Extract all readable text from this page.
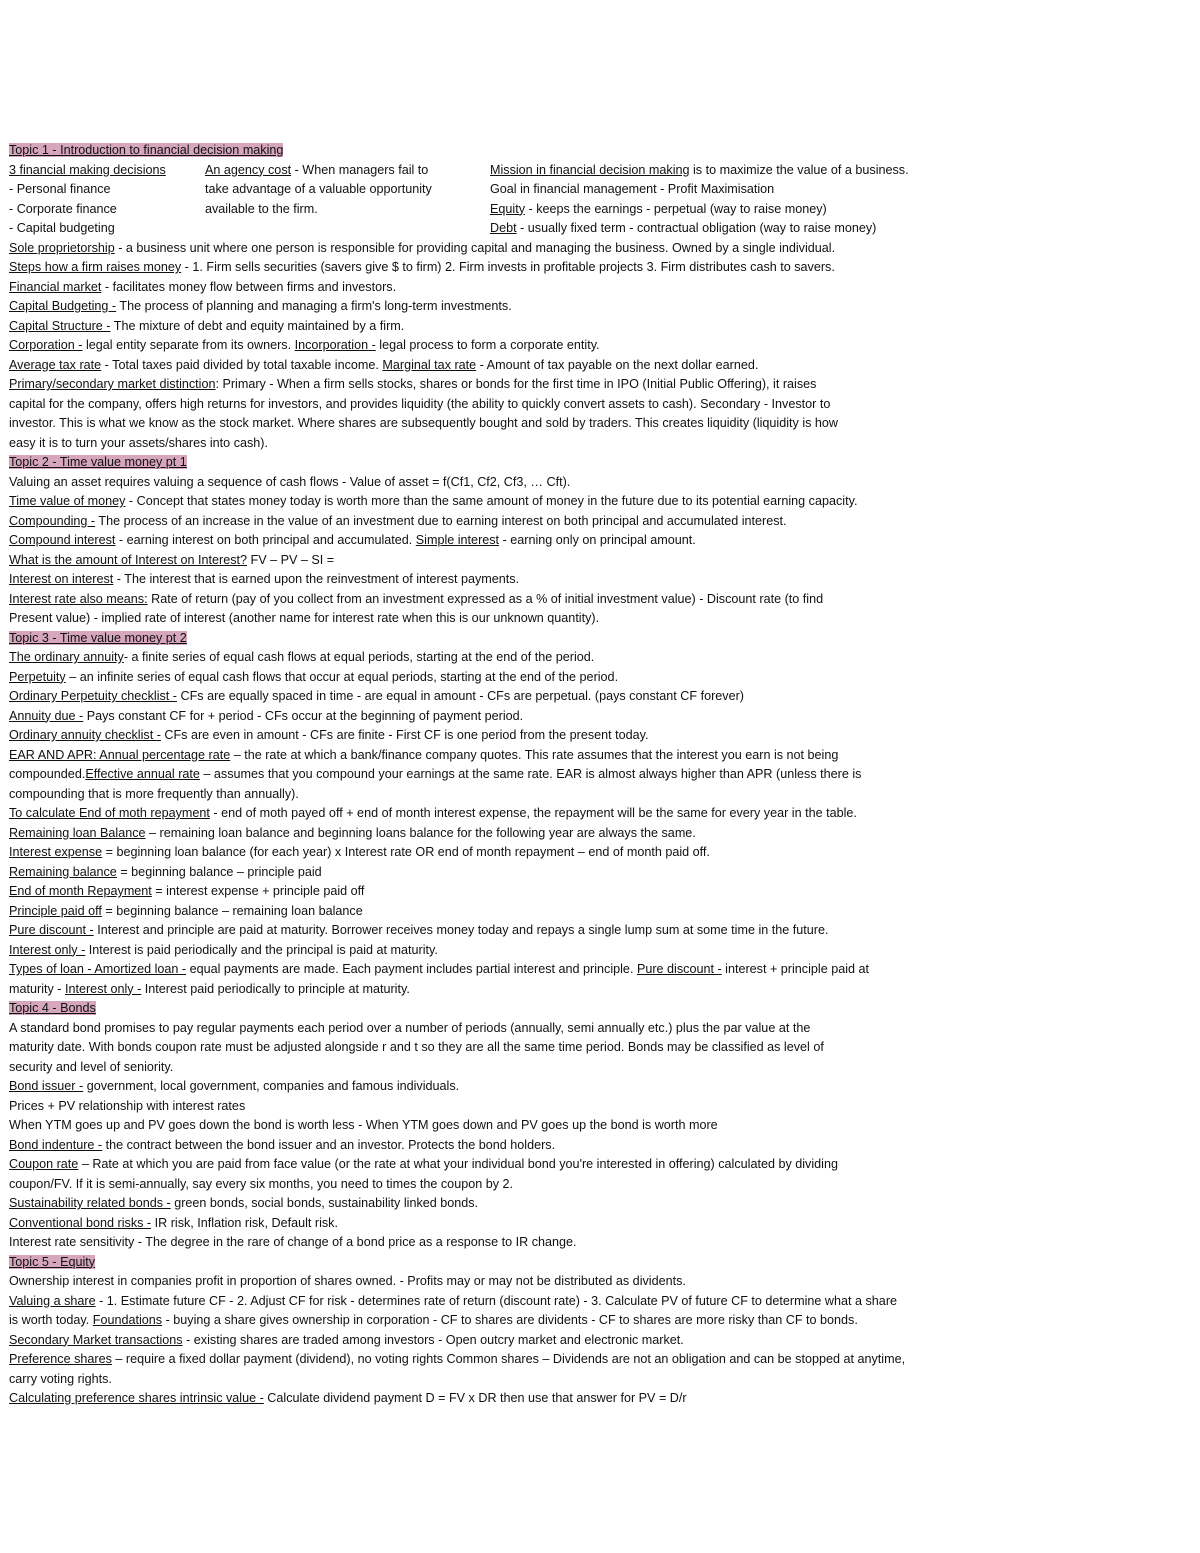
Topic 1 - Introduction to financial decision making
3 financial making decisions
- Personal finance
- Corporate finance
- Capital budgeting
An agency cost - When managers fail to
take advantage of a valuable opportunity
available to the firm.
Mission in financial decision making is to maximize the value of a business.
Goal in financial management - Profit Maximisation
Equity - keeps the earnings - perpetual (way to raise money)
Debt - usually fixed term - contractual obligation (way to raise money)
Sole proprietorship - a business unit where one person is responsible for providing capital and managing the business. Owned by a single individual.
Steps how a firm raises money - 1. Firm sells securities (savers give $ to firm) 2. Firm invests in profitable projects 3. Firm distributes cash to savers.
Financial market - facilitates money flow between firms and investors.
Capital Budgeting - The process of planning and managing a firm's long-term investments.
Capital Structure - The mixture of debt and equity maintained by a firm.
Corporation - legal entity separate from its owners. Incorporation - legal process to form a corporate entity.
Average tax rate - Total taxes paid divided by total taxable income. Marginal tax rate - Amount of tax payable on the next dollar earned.
Primary/secondary market distinction: Primary - When a firm sells stocks, shares or bonds for the first time in IPO (Initial Public Offering), it raises
capital for the company, offers high returns for investors, and provides liquidity (the ability to quickly convert assets to cash). Secondary - Investor to
investor. This is what we know as the stock market. Where shares are subsequently bought and sold by traders. This creates liquidity (liquidity is how
easy it is to turn your assets/shares into cash).
Topic 2 - Time value money pt 1
Valuing an asset requires valuing a sequence of cash flows - Value of asset = f(Cf1, Cf2, Cf3, … Cft).
Time value of money - Concept that states money today is worth more than the same amount of money in the future due to its potential earning capacity.
Compounding - The process of an increase in the value of an investment due to earning interest on both principal and accumulated interest.
Compound interest - earning interest on both principal and accumulated. Simple interest - earning only on principal amount.
What is the amount of Interest on Interest? FV – PV – SI =
Interest on interest - The interest that is earned upon the reinvestment of interest payments.
Interest rate also means: Rate of return (pay of you collect from an investment expressed as a % of initial investment value) - Discount rate (to find
Present value) - implied rate of interest (another name for interest rate when this is our unknown quantity).
Topic 3 - Time value money pt 2
The ordinary annuity- a finite series of equal cash flows at equal periods, starting at the end of the period.
Perpetuity – an infinite series of equal cash flows that occur at equal periods, starting at the end of the period.
Ordinary Perpetuity checklist - CFs are equally spaced in time - are equal in amount - CFs are perpetual. (pays constant CF forever)
Annuity due - Pays constant CF for + period - CFs occur at the beginning of payment period.
Ordinary annuity checklist - CFs are even in amount - CFs are finite - First CF is one period from the present today.
EAR AND APR: Annual percentage rate – the rate at which a bank/finance company quotes. This rate assumes that the interest you earn is not being
compounded.Effective annual rate – assumes that you compound your earnings at the same rate. EAR is almost always higher than APR (unless there is
compounding that is more frequently than annually).
To calculate End of moth repayment - end of moth payed off + end of month interest expense, the repayment will be the same for every year in the table.
Remaining loan Balance – remaining loan balance and beginning loans balance for the following year are always the same.
Interest expense = beginning loan balance (for each year) x Interest rate OR end of month repayment – end of month paid off.
Remaining balance = beginning balance – principle paid
End of month Repayment = interest expense + principle paid off
Principle paid off = beginning balance – remaining loan balance
Pure discount - Interest and principle are paid at maturity. Borrower receives money today and repays a single lump sum at some time in the future.
Interest only - Interest is paid periodically and the principal is paid at maturity.
Types of loan - Amortized loan - equal payments are made. Each payment includes partial interest and principle. Pure discount - interest + principle paid at
maturity - Interest only - Interest paid periodically to principle at maturity.
Topic 4 - Bonds
A standard bond promises to pay regular payments each period over a number of periods (annually, semi annually etc.) plus the par value at the
maturity date. With bonds coupon rate must be adjusted alongside r and t so they are all the same time period. Bonds may be classified as level of
security and level of seniority.
Bond issuer - government, local government, companies and famous individuals.
Prices + PV relationship with interest rates
When YTM goes up and PV goes down the bond is worth less - When YTM goes down and PV goes up the bond is worth more
Bond indenture - the contract between the bond issuer and an investor. Protects the bond holders.
Coupon rate – Rate at which you are paid from face value (or the rate at what your individual bond you're interested in offering) calculated by dividing
coupon/FV. If it is semi-annually, say every six months, you need to times the coupon by 2.
Sustainability related bonds - green bonds, social bonds, sustainability linked bonds.
Conventional bond risks - IR risk, Inflation risk, Default risk.
Interest rate sensitivity - The degree in the rare of change of a bond price as a response to IR change.
Topic 5 - Equity
Ownership interest in companies profit in proportion of shares owned. - Profits may or may not be distributed as dividents.
Valuing a share - 1. Estimate future CF - 2. Adjust CF for risk - determines rate of return (discount rate) - 3. Calculate PV of future CF to determine what a share
is worth today. Foundations - buying a share gives ownership in corporation - CF to shares are dividents - CF to shares are more risky than CF to bonds.
Secondary Market transactions - existing shares are traded among investors - Open outcry market and electronic market.
Preference shares – require a fixed dollar payment (dividend), no voting rights Common shares – Dividends are not an obligation and can be stopped at anytime,
carry voting rights.
Calculating preference shares intrinsic value - Calculate dividend payment D = FV x DR then use that answer for PV = D/r
